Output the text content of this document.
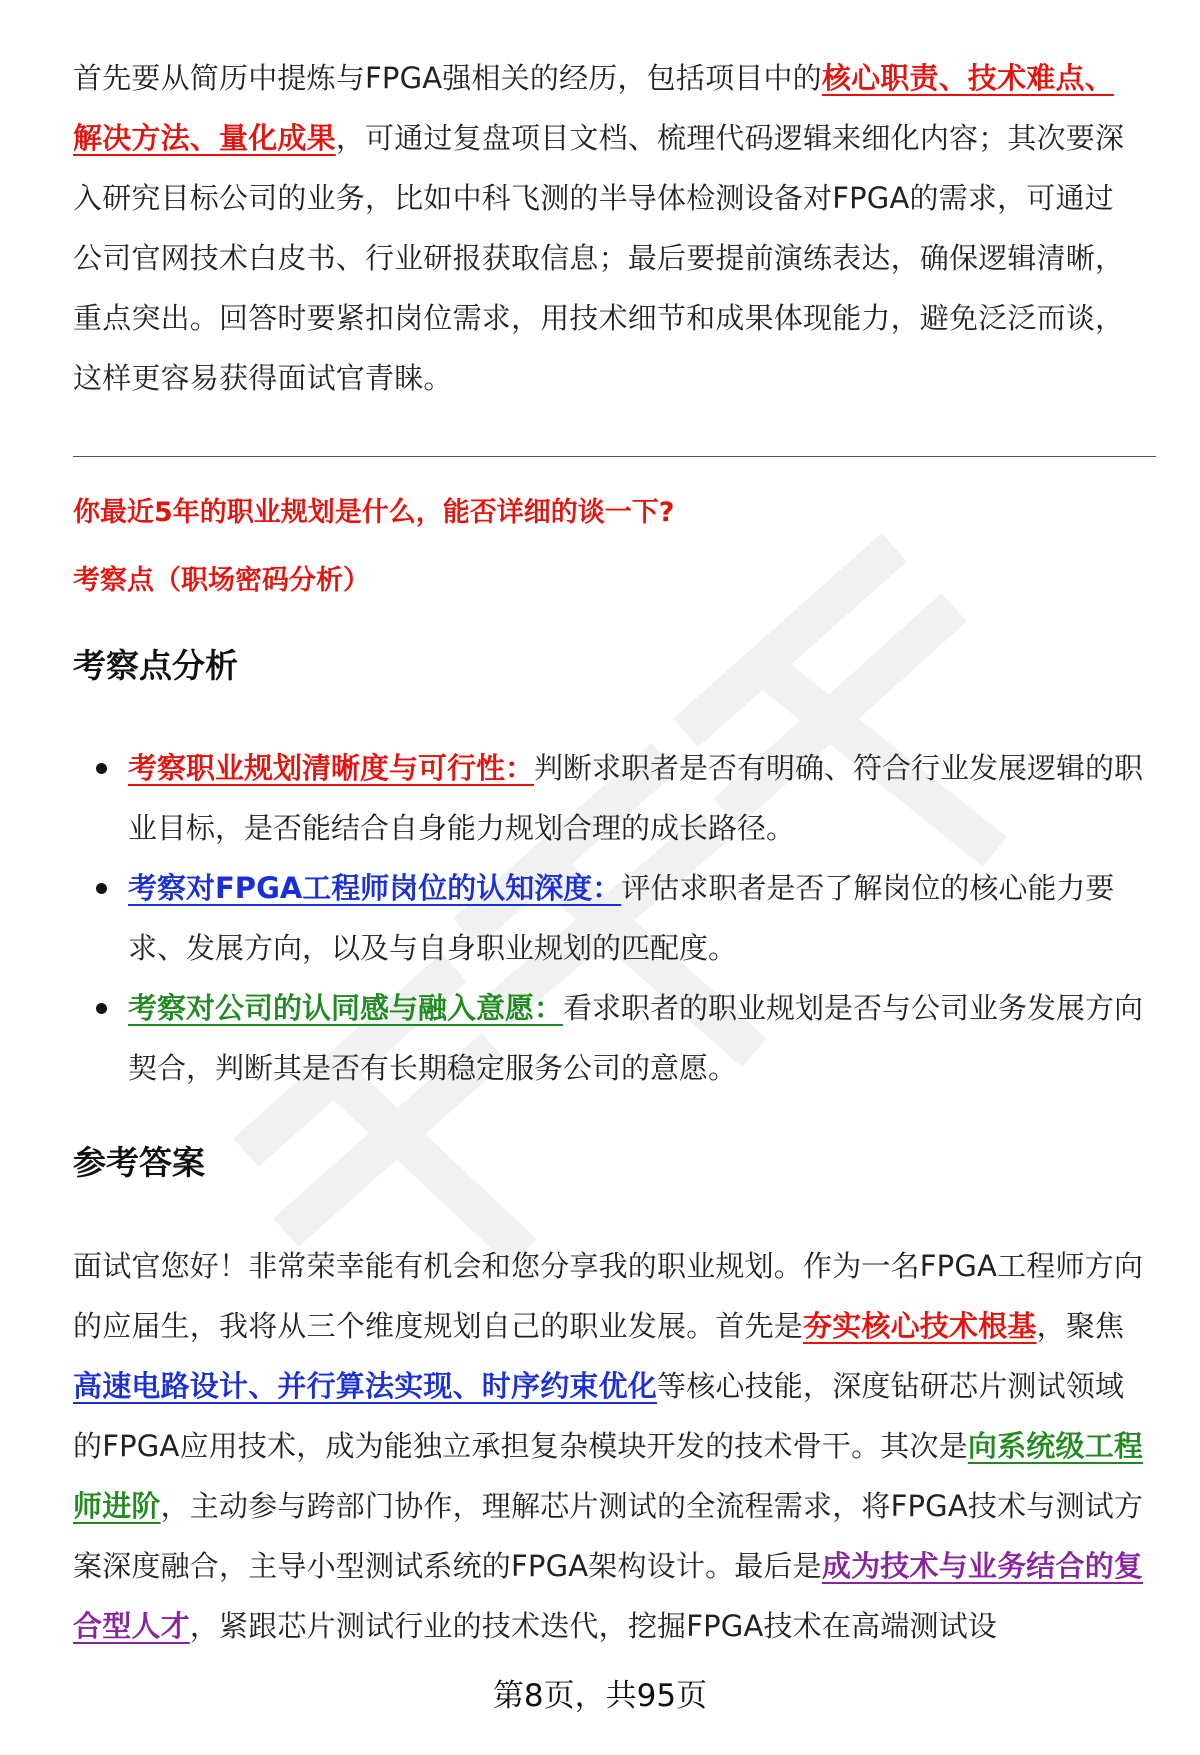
首先要从简历中提炼与FPGA强相关的经历，包括项目中的核心职责、技术难点、解决方法、量化成果，可通过复盘项目文档、梳理代码逻辑来细化内容；其次要深入研究目标公司的业务，比如中科飞测的半导体检测设备对FPGA的需求，可通过公司官网技术白皮书、行业研报获取信息；最后要提前演练表达，确保逻辑清晰，重点突出。回答时要紧扣岗位需求，用技术细节和成果体现能力，避免泛泛而谈，这样更容易获得面试官青睐。

你最近5年的职业规划是什么，能否详细的谈一下?
考察点（职场密码分析）
考察点分析
考察职业规划清晰度与可行性：判断求职者是否有明确、符合行业发展逻辑的职业目标，是否能结合自身能力规划合理的成长路径。
考察对FPGA工程师岗位的认知深度：评估求职者是否了解岗位的核心能力要求、发展方向，以及与自身职业规划的匹配度。
考察对公司的认同感与融入意愿：看求职者的职业规划是否与公司业务发展方向契合，判断其是否有长期稳定服务公司的意愿。
参考答案

面试官您好！非常荣幸能有机会和您分享我的职业规划。作为一名FPGA工程师方向的应届生，我将从三个维度规划自己的职业发展。首先是夯实核心技术根基，聚焦高速电路设计、并行算法实现、时序约束优化等核心技能，深度钻研芯片测试领域的FPGA应用技术，成为能独立承担复杂模块开发的技术骨干。其次是向系统级工程师进阶，主动参与跨部门协作，理解芯片测试的全流程需求，将FPGA技术与测试方案深度融合，主导小型测试系统的FPGA架构设计。最后是成为技术与业务结合的复合型人才，紧跟芯片测试行业的技术迭代，挖掘FPGA技术在高端测试设

第8页，共95页
